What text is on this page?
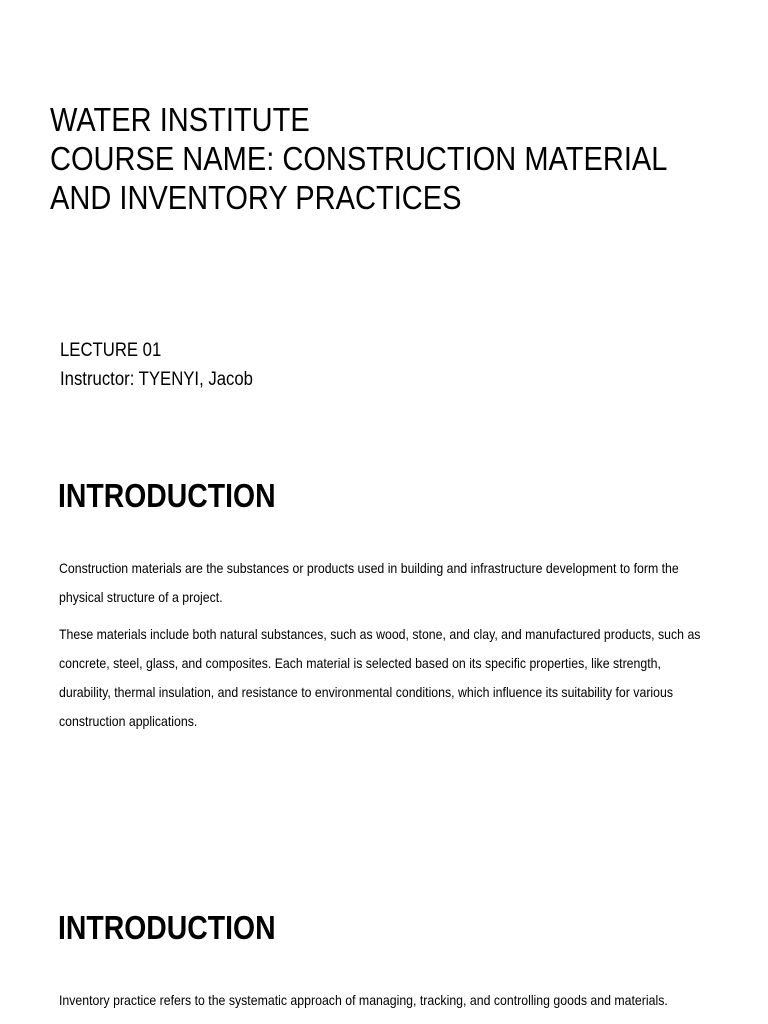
WATER INSTITUTE
COURSE NAME: CONSTRUCTION MATERIAL
AND INVENTORY PRACTICES
LECTURE 01
Instructor: TYENYI, Jacob
INTRODUCTION

Construction materials are the substances or products used in building and infrastructure development to form the physical structure of a project.

These materials include both natural substances, such as wood, stone, and clay, and manufactured products, such as concrete, steel, glass, and composites. Each material is selected based on its specific properties, like strength, durability, thermal insulation, and resistance to environmental conditions, which influence its suitability for various construction applications.

INTRODUCTION

Inventory practice refers to the systematic approach of managing, tracking, and controlling goods and materials.
